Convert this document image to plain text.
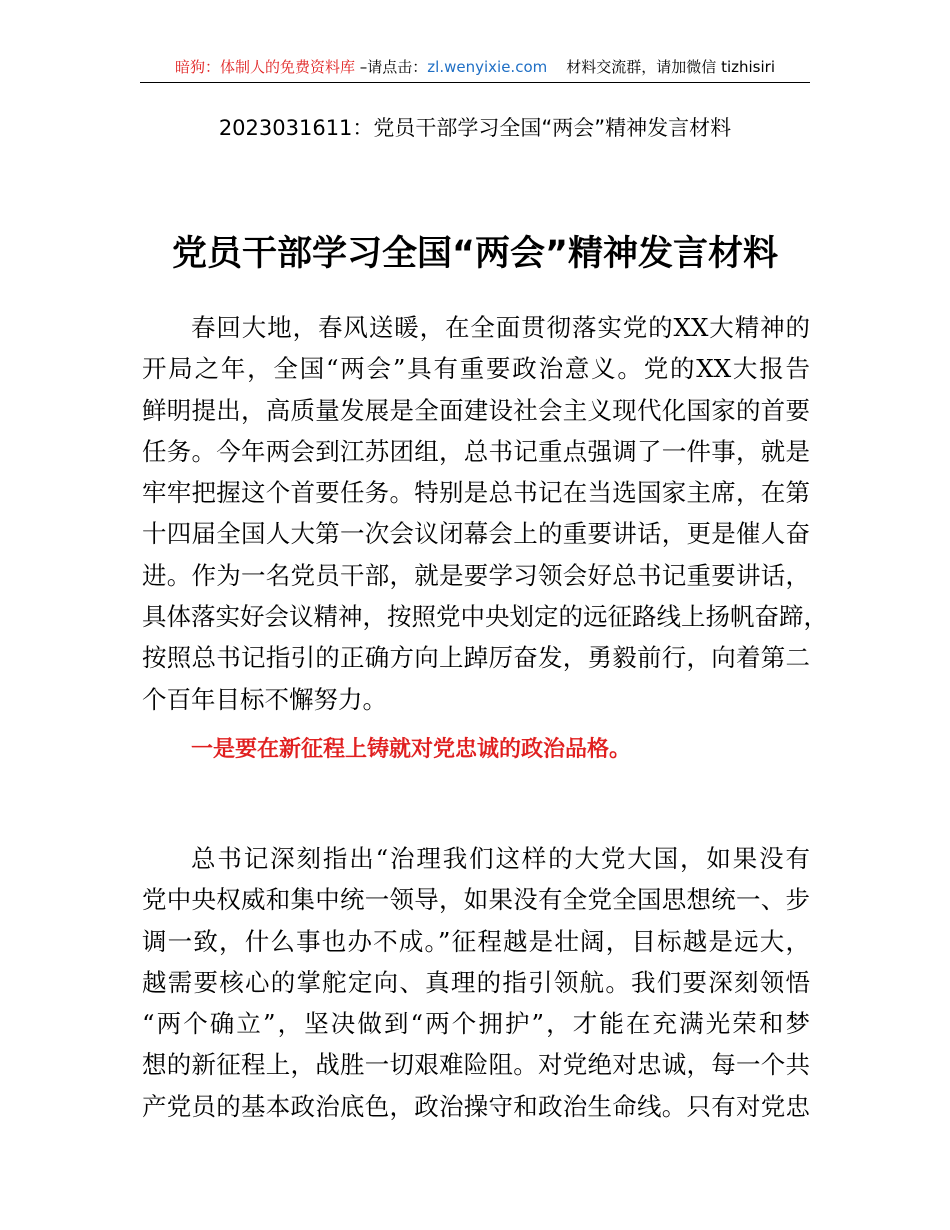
暗狗：体制人的免费资料库 –请点击：zl.wenyixie.com    材料交流群，请加微信 tizhisiri
2023031611：党员干部学习全国“两会”精神发言材料
党员干部学习全国“两会”精神发言材料
春回大地，春风送暖，在全面贯彻落实党的XX大精神的
开局之年，全国“两会”具有重要政治意义。党的XX大报告
鲜明提出，高质量发展是全面建设社会主义现代化国家的首要
任务。今年两会到江苏团组，总书记重点强调了一件事，就是
牢牢把握这个首要任务。特别是总书记在当选国家主席，在第
十四届全国人大第一次会议闭幕会上的重要讲话，更是催人奋
进。作为一名党员干部，就是要学习领会好总书记重要讲话，
具体落实好会议精神，按照党中央划定的远征路线上扬帆奋蹄，
按照总书记指引的正确方向上踔厉奋发，勇毅前行，向着第二
个百年目标不懈努力。
一是要在新征程上铸就对党忠诚的政治品格。
总书记深刻指出“治理我们这样的大党大国，如果没有
党中央权威和集中统一领导，如果没有全党全国思想统一、步
调一致，什么事也办不成。”征程越是壮阔，目标越是远大，
越需要核心的掌舵定向、真理的指引领航。我们要深刻领悟
“两个确立”，坚决做到“两个拥护”，才能在充满光荣和梦
想的新征程上，战胜一切艰难险阻。对党绝对忠诚，每一个共
产党员的基本政治底色，政治操守和政治生命线。只有对党忠
